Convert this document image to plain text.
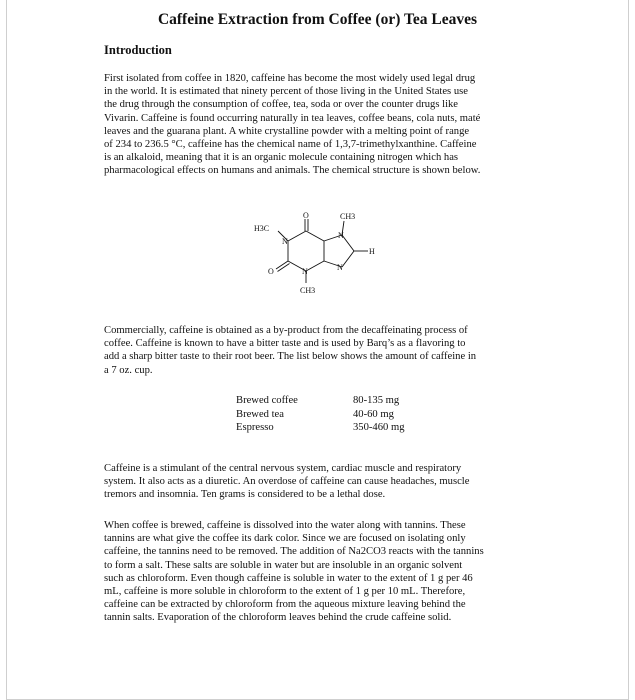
Caffeine Extraction from Coffee (or) Tea Leaves
Introduction
First isolated from coffee in 1820, caffeine has become the most widely used legal drug
in the world. It is estimated that ninety percent of those living in the United States use
the drug through the consumption of coffee, tea, soda or over the counter drugs like
Vivarin. Caffeine is found occurring naturally in tea leaves, coffee beans, cola nuts, maté
leaves and the guarana plant. A white crystalline powder with a melting point of range
of 234 to 236.5 °C, caffeine has the chemical name of 1,3,7-trimethylxanthine. Caffeine
is an alkaloid, meaning that it is an organic molecule containing nitrogen which has
pharmacological effects on humans and animals. The chemical structure is shown below.
H3C
O	CH3
N
N
N	N
H
O
CH3
Commercially, caffeine is obtained as a by-product from the decaffeinating process of
coffee. Caffeine is known to have a bitter taste and is used by Barq’s as a flavoring to
add a sharp bitter taste to their root beer. The list below shows the amount of caffeine in
a 7 oz. cup.
Brewed coffee
Brewed tea
Espresso
80-135 mg
40-60 mg
350-460 mg
Caffeine is a stimulant of the central nervous system, cardiac muscle and respiratory
system. It also acts as a diuretic. An overdose of caffeine can cause headaches, muscle
tremors and insomnia. Ten grams is considered to be a lethal dose.
When coffee is brewed, caffeine is dissolved into the water along with tannins. These
tannins are what give the coffee its dark color. Since we are focused on isolating only
caffeine, the tannins need to be removed. The addition of Na2CO3 reacts with the tannins
to form a salt. These salts are soluble in water but are insoluble in an organic solvent
such as chloroform. Even though caffeine is soluble in water to the extent of 1 g per 46
mL, caffeine is more soluble in chloroform to the extent of 1 g per 10 mL. Therefore,
caffeine can be extracted by chloroform from the aqueous mixture leaving behind the
tannin salts. Evaporation of the chloroform leaves behind the crude caffeine solid.
